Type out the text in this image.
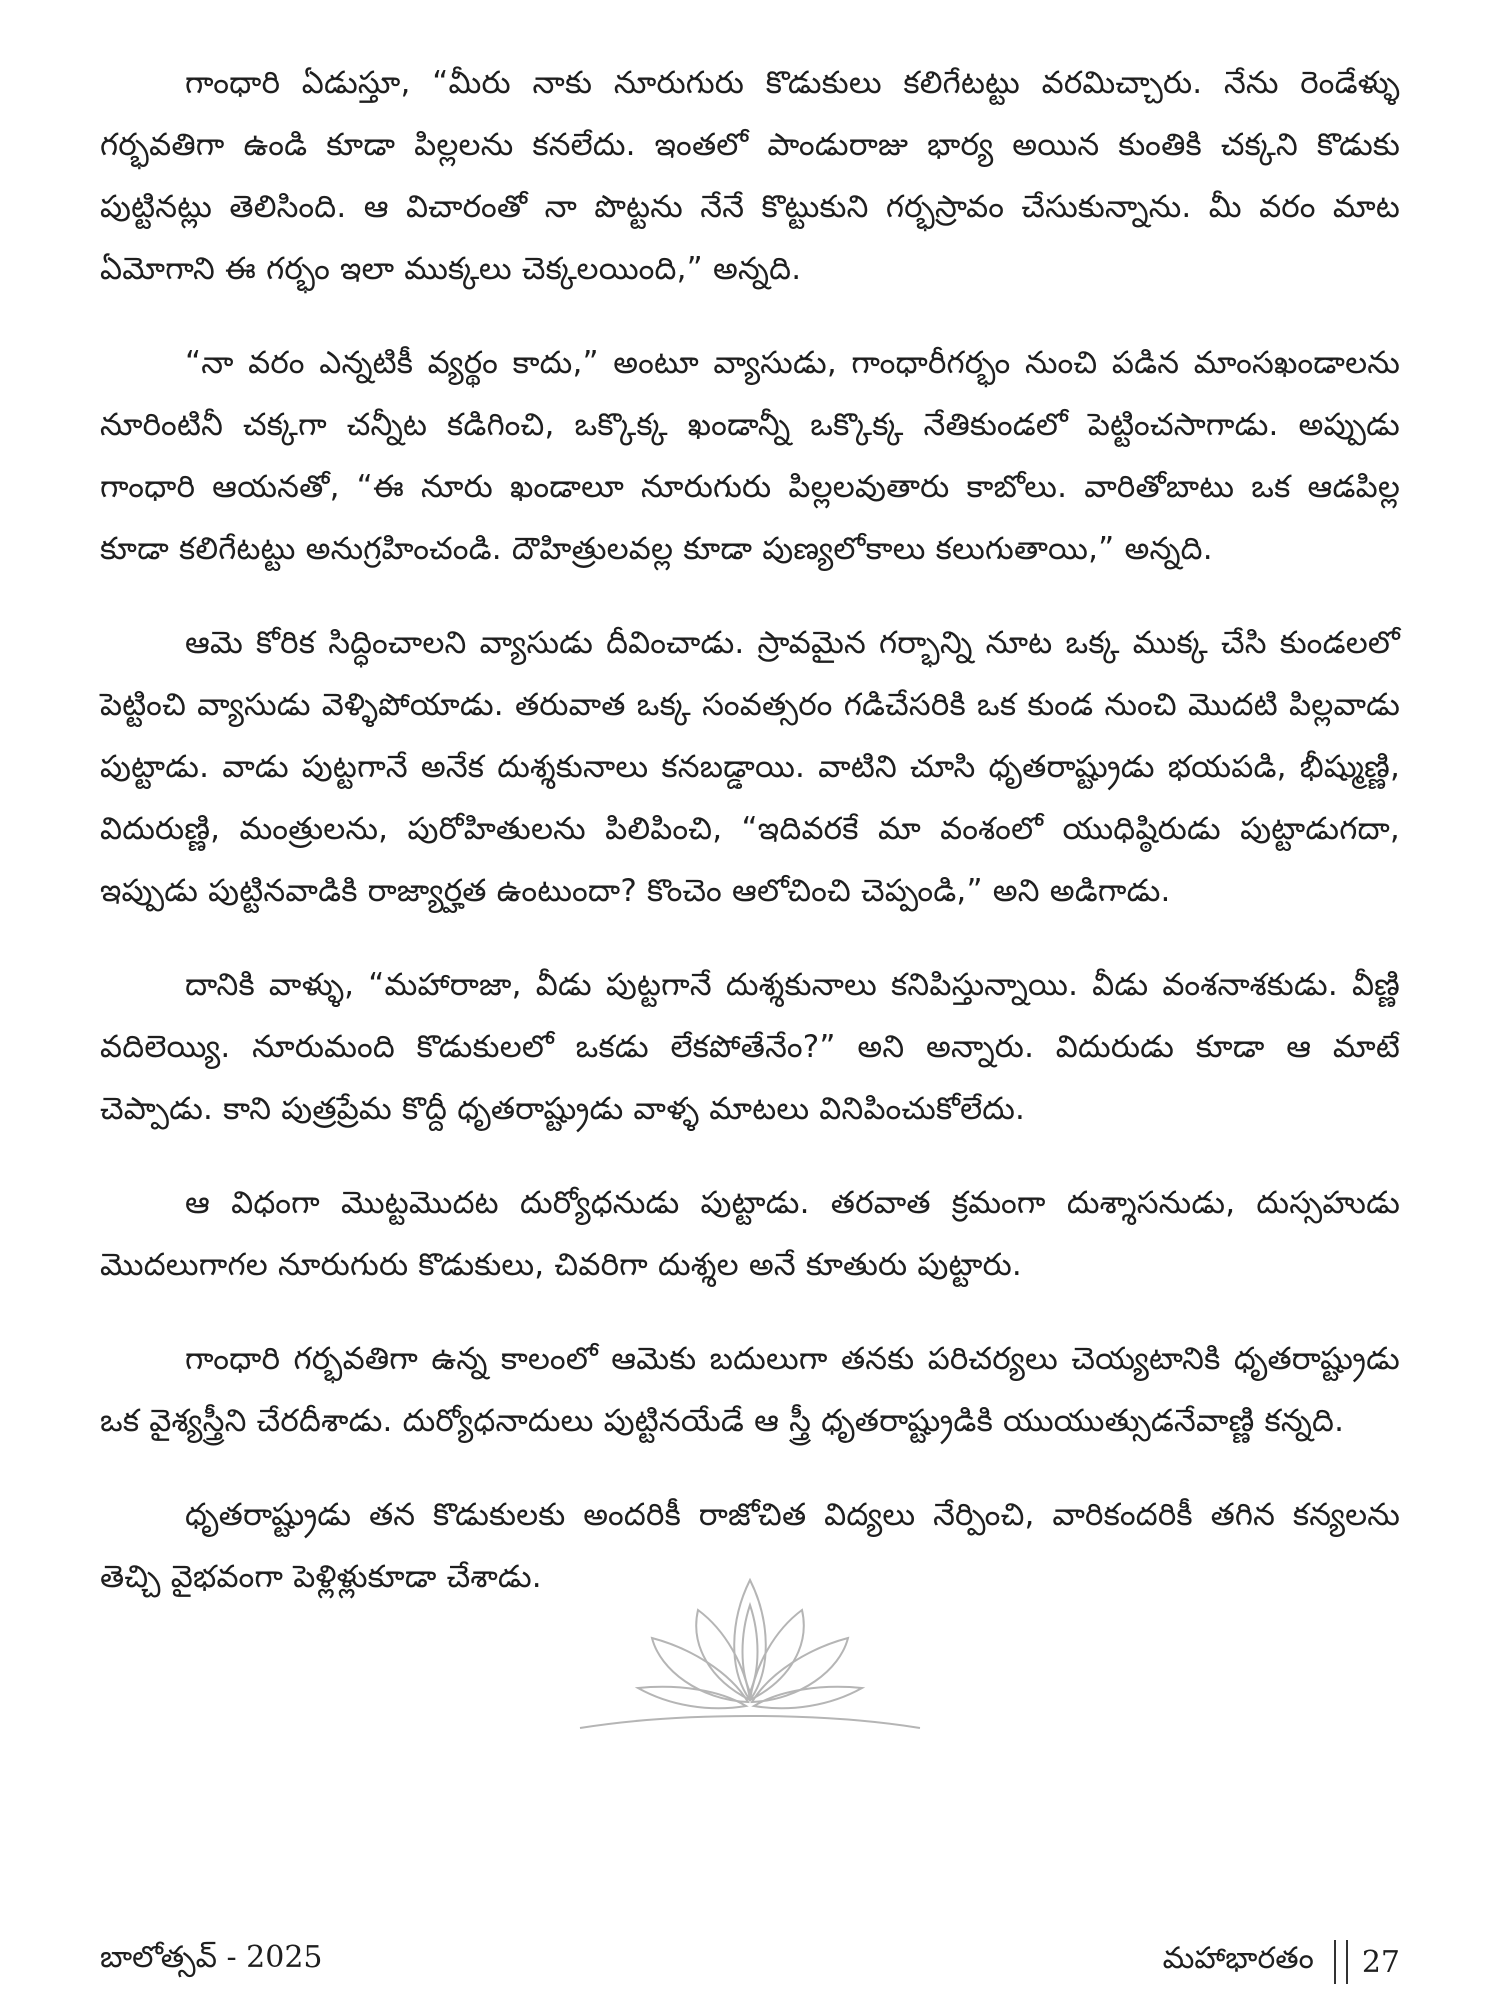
గాంధారి ఏడుస్తూ, “మీరు నాకు నూరుగురు కొడుకులు కలిగేటట్టు వరమిచ్చారు. నేను రెండేళ్ళు గర్భవతిగా ఉండి కూడా పిల్లలను కనలేదు. ఇంతలో పాండురాజు భార్య అయిన కుంతికి చక్కని కొడుకు పుట్టినట్లు తెలిసింది. ఆ విచారంతో నా పొట్టను నేనే కొట్టుకుని గర్భస్రావం చేసుకున్నాను. మీ వరం మాట ఏమోగాని ఈ గర్భం ఇలా ముక్కలు చెక్కలయింది,” అన్నది.

“నా వరం ఎన్నటికీ వ్యర్థం కాదు,” అంటూ వ్యాసుడు, గాంధారీగర్భం నుంచి పడిన మాంసఖండాలను నూరింటినీ చక్కగా చన్నీట కడిగించి, ఒక్కొక్క ఖండాన్నీ ఒక్కొక్క నేతికుండలో పెట్టించసాగాడు. అప్పుడు గాంధారి ఆయనతో, “ఈ నూరు ఖండాలూ నూరుగురు పిల్లలవుతారు కాబోలు. వారితోబాటు ఒక ఆడపిల్ల కూడా కలిగేటట్టు అనుగ్రహించండి. దౌహిత్రులవల్ల కూడా పుణ్యలోకాలు కలుగుతాయి,” అన్నది.

ఆమె కోరిక సిద్ధించాలని వ్యాసుడు దీవించాడు. స్రావమైన గర్భాన్ని నూట ఒక్క ముక్క చేసి కుండలలో పెట్టించి వ్యాసుడు వెళ్ళిపోయాడు. తరువాత ఒక్క సంవత్సరం గడిచేసరికి ఒక కుండ నుంచి మొదటి పిల్లవాడు పుట్టాడు. వాడు పుట్టగానే అనేక దుశ్శకునాలు కనబడ్డాయి. వాటిని చూసి ధృతరాష్ట్రుడు భయపడి, భీష్ముణ్ణి, విదురుణ్ణి, మంత్రులను, పురోహితులను పిలిపించి, “ఇదివరకే మా వంశంలో యుధిష్ఠిరుడు పుట్టాడుగదా, ఇప్పుడు పుట్టినవాడికి రాజ్యార్హత ఉంటుందా? కొంచెం ఆలోచించి చెప్పండి,” అని అడిగాడు.

దానికి వాళ్ళు, “మహారాజా, వీడు పుట్టగానే దుశ్శకునాలు కనిపిస్తున్నాయి. వీడు వంశనాశకుడు. వీణ్ణి వదిలెయ్యి. నూరుమంది కొడుకులలో ఒకడు లేకపోతేనేం?” అని అన్నారు. విదురుడు కూడా ఆ మాటే చెప్పాడు. కాని పుత్రప్రేమ కొద్దీ ధృతరాష్ట్రుడు వాళ్ళ మాటలు వినిపించుకోలేదు.

ఆ విధంగా మొట్టమొదట దుర్యోధనుడు పుట్టాడు. తరవాత క్రమంగా దుశ్శాసనుడు, దుస్సహుడు మొదలుగాగల నూరుగురు కొడుకులు, చివరిగా దుశ్శల అనే కూతురు పుట్టారు.

గాంధారి గర్భవతిగా ఉన్న కాలంలో ఆమెకు బదులుగా తనకు పరిచర్యలు చెయ్యటానికి ధృతరాష్ట్రుడు ఒక వైశ్యస్త్రీని చేరదీశాడు. దుర్యోధనాదులు పుట్టినయేడే ఆ స్త్రీ ధృతరాష్ట్రుడికి యుయుత్సుడనేవాణ్ణి కన్నది.

ధృతరాష్ట్రుడు తన కొడుకులకు అందరికీ రాజోచిత విద్యలు నేర్పించి, వారికందరికీ తగిన కన్యలను తెచ్చి వైభవంగా పెళ్లిళ్లుకూడా చేశాడు.

బాలోత్సవ్ - 2025	మహాభారతం 27
